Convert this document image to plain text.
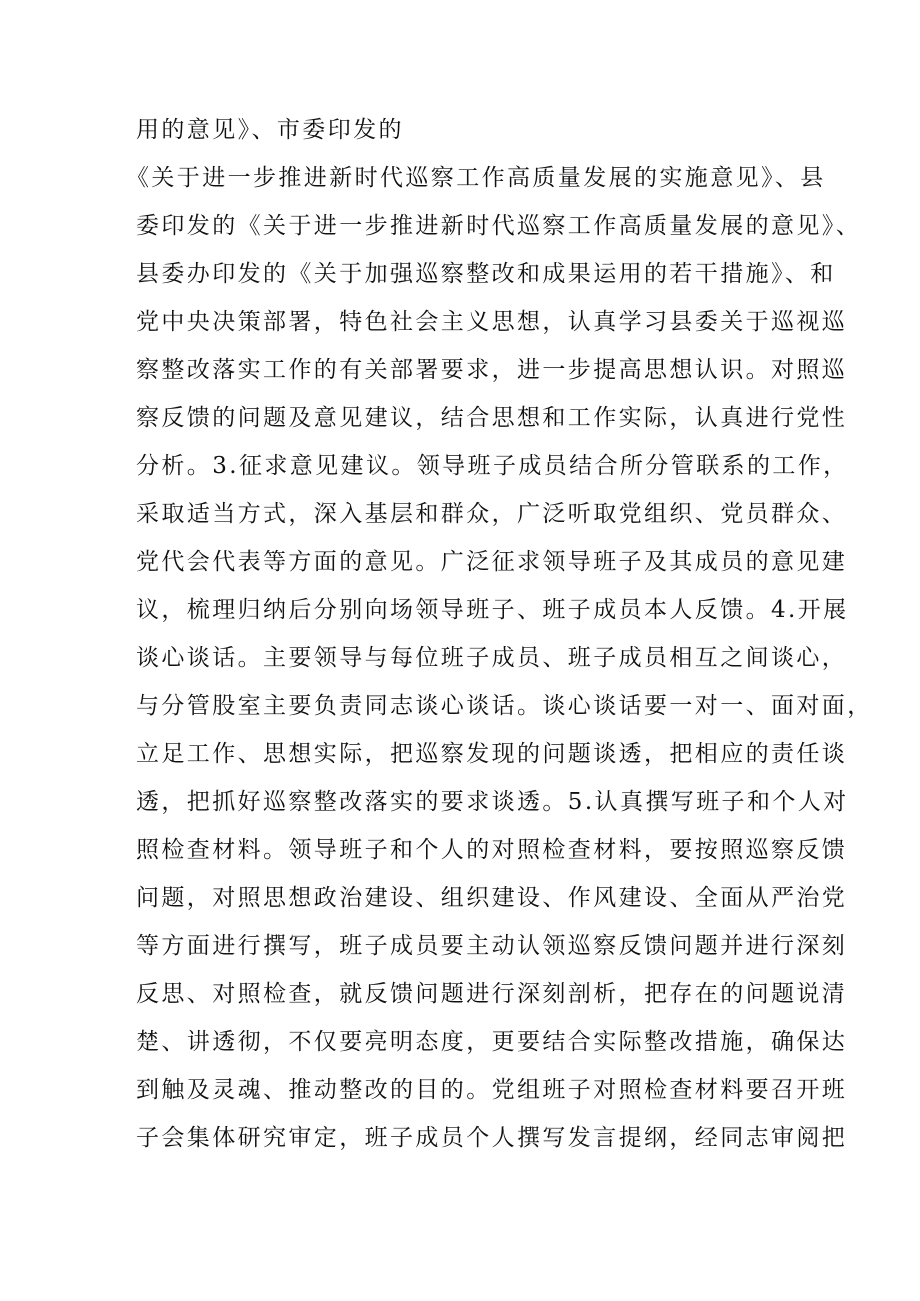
用的意见》、市委印发的
《关于进一步推进新时代巡察工作高质量发展的实施意见》、县
委印发的《关于进一步推进新时代巡察工作高质量发展的意见》、
县委办印发的《关于加强巡察整改和成果运用的若干措施》、和
党中央决策部署，特色社会主义思想，认真学习县委关于巡视巡
察整改落实工作的有关部署要求，进一步提高思想认识。对照巡
察反馈的问题及意见建议，结合思想和工作实际，认真进行党性
分析。3.征求意见建议。领导班子成员结合所分管联系的工作，
采取适当方式，深入基层和群众，广泛听取党组织、党员群众、
党代会代表等方面的意见。广泛征求领导班子及其成员的意见建
议，梳理归纳后分别向场领导班子、班子成员本人反馈。4.开展
谈心谈话。主要领导与每位班子成员、班子成员相互之间谈心，
与分管股室主要负责同志谈心谈话。谈心谈话要一对一、面对面，
立足工作、思想实际，把巡察发现的问题谈透，把相应的责任谈
透，把抓好巡察整改落实的要求谈透。5.认真撰写班子和个人对
照检查材料。领导班子和个人的对照检查材料，要按照巡察反馈
问题，对照思想政治建设、组织建设、作风建设、全面从严治党
等方面进行撰写，班子成员要主动认领巡察反馈问题并进行深刻
反思、对照检查，就反馈问题进行深刻剖析，把存在的问题说清
楚、讲透彻，不仅要亮明态度，更要结合实际整改措施，确保达
到触及灵魂、推动整改的目的。党组班子对照检查材料要召开班
子会集体研究审定，班子成员个人撰写发言提纲，经同志审阅把
